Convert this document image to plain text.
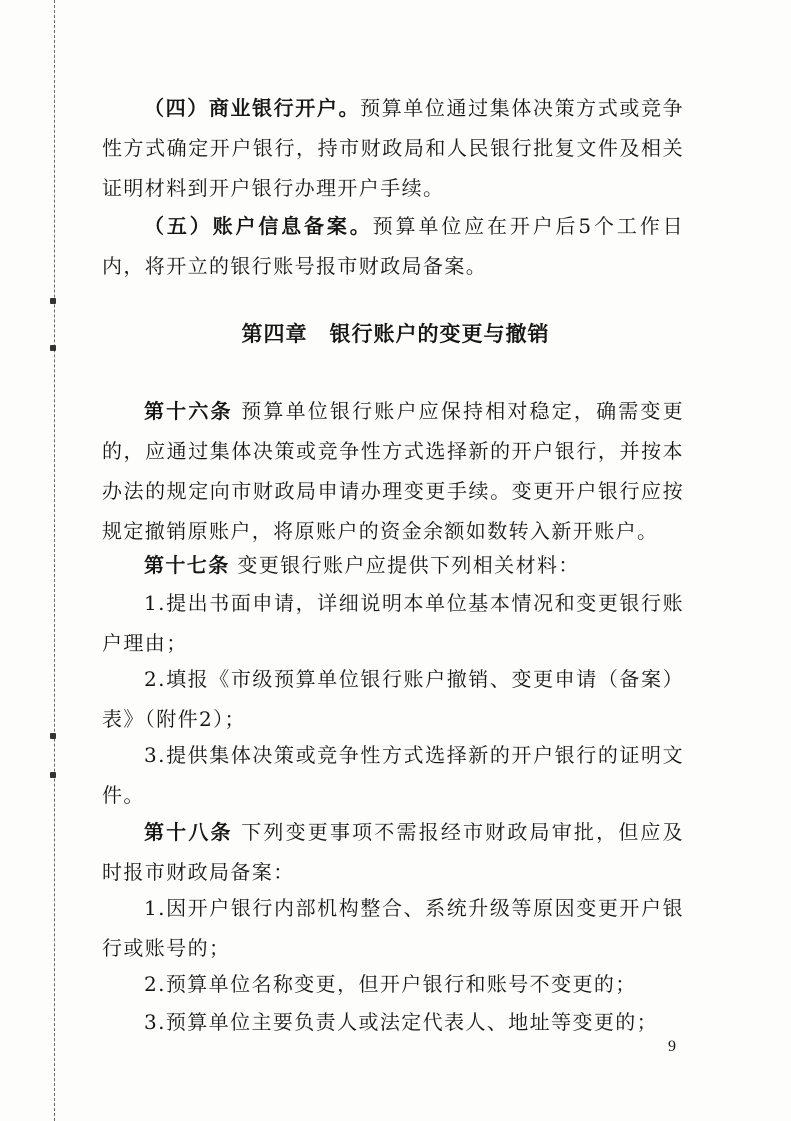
（四）商业银行开户。预算单位通过集体决策方式或竞争性方式确定开户银行，持市财政局和人民银行批复文件及相关证明材料到开户银行办理开户手续。

（五）账户信息备案。预算单位应在开户后5个工作日内，将开立的银行账号报市财政局备案。

第四章 银行账户的变更与撤销

第十六条 预算单位银行账户应保持相对稳定，确需变更的，应通过集体决策或竞争性方式选择新的开户银行，并按本办法的规定向市财政局申请办理变更手续。变更开户银行应按规定撤销原账户，将原账户的资金余额如数转入新开账户。

第十七条 变更银行账户应提供下列相关材料：

1.提出书面申请，详细说明本单位基本情况和变更银行账户理由；

2.填报《市级预算单位银行账户撤销、变更申请（备案）表》（附件2）；

3.提供集体决策或竞争性方式选择新的开户银行的证明文件。

第十八条 下列变更事项不需报经市财政局审批，但应及时报市财政局备案：

1.因开户银行内部机构整合、系统升级等原因变更开户银行或账号的；

2.预算单位名称变更，但开户银行和账号不变更的；

3.预算单位主要负责人或法定代表人、地址等变更的；

9
